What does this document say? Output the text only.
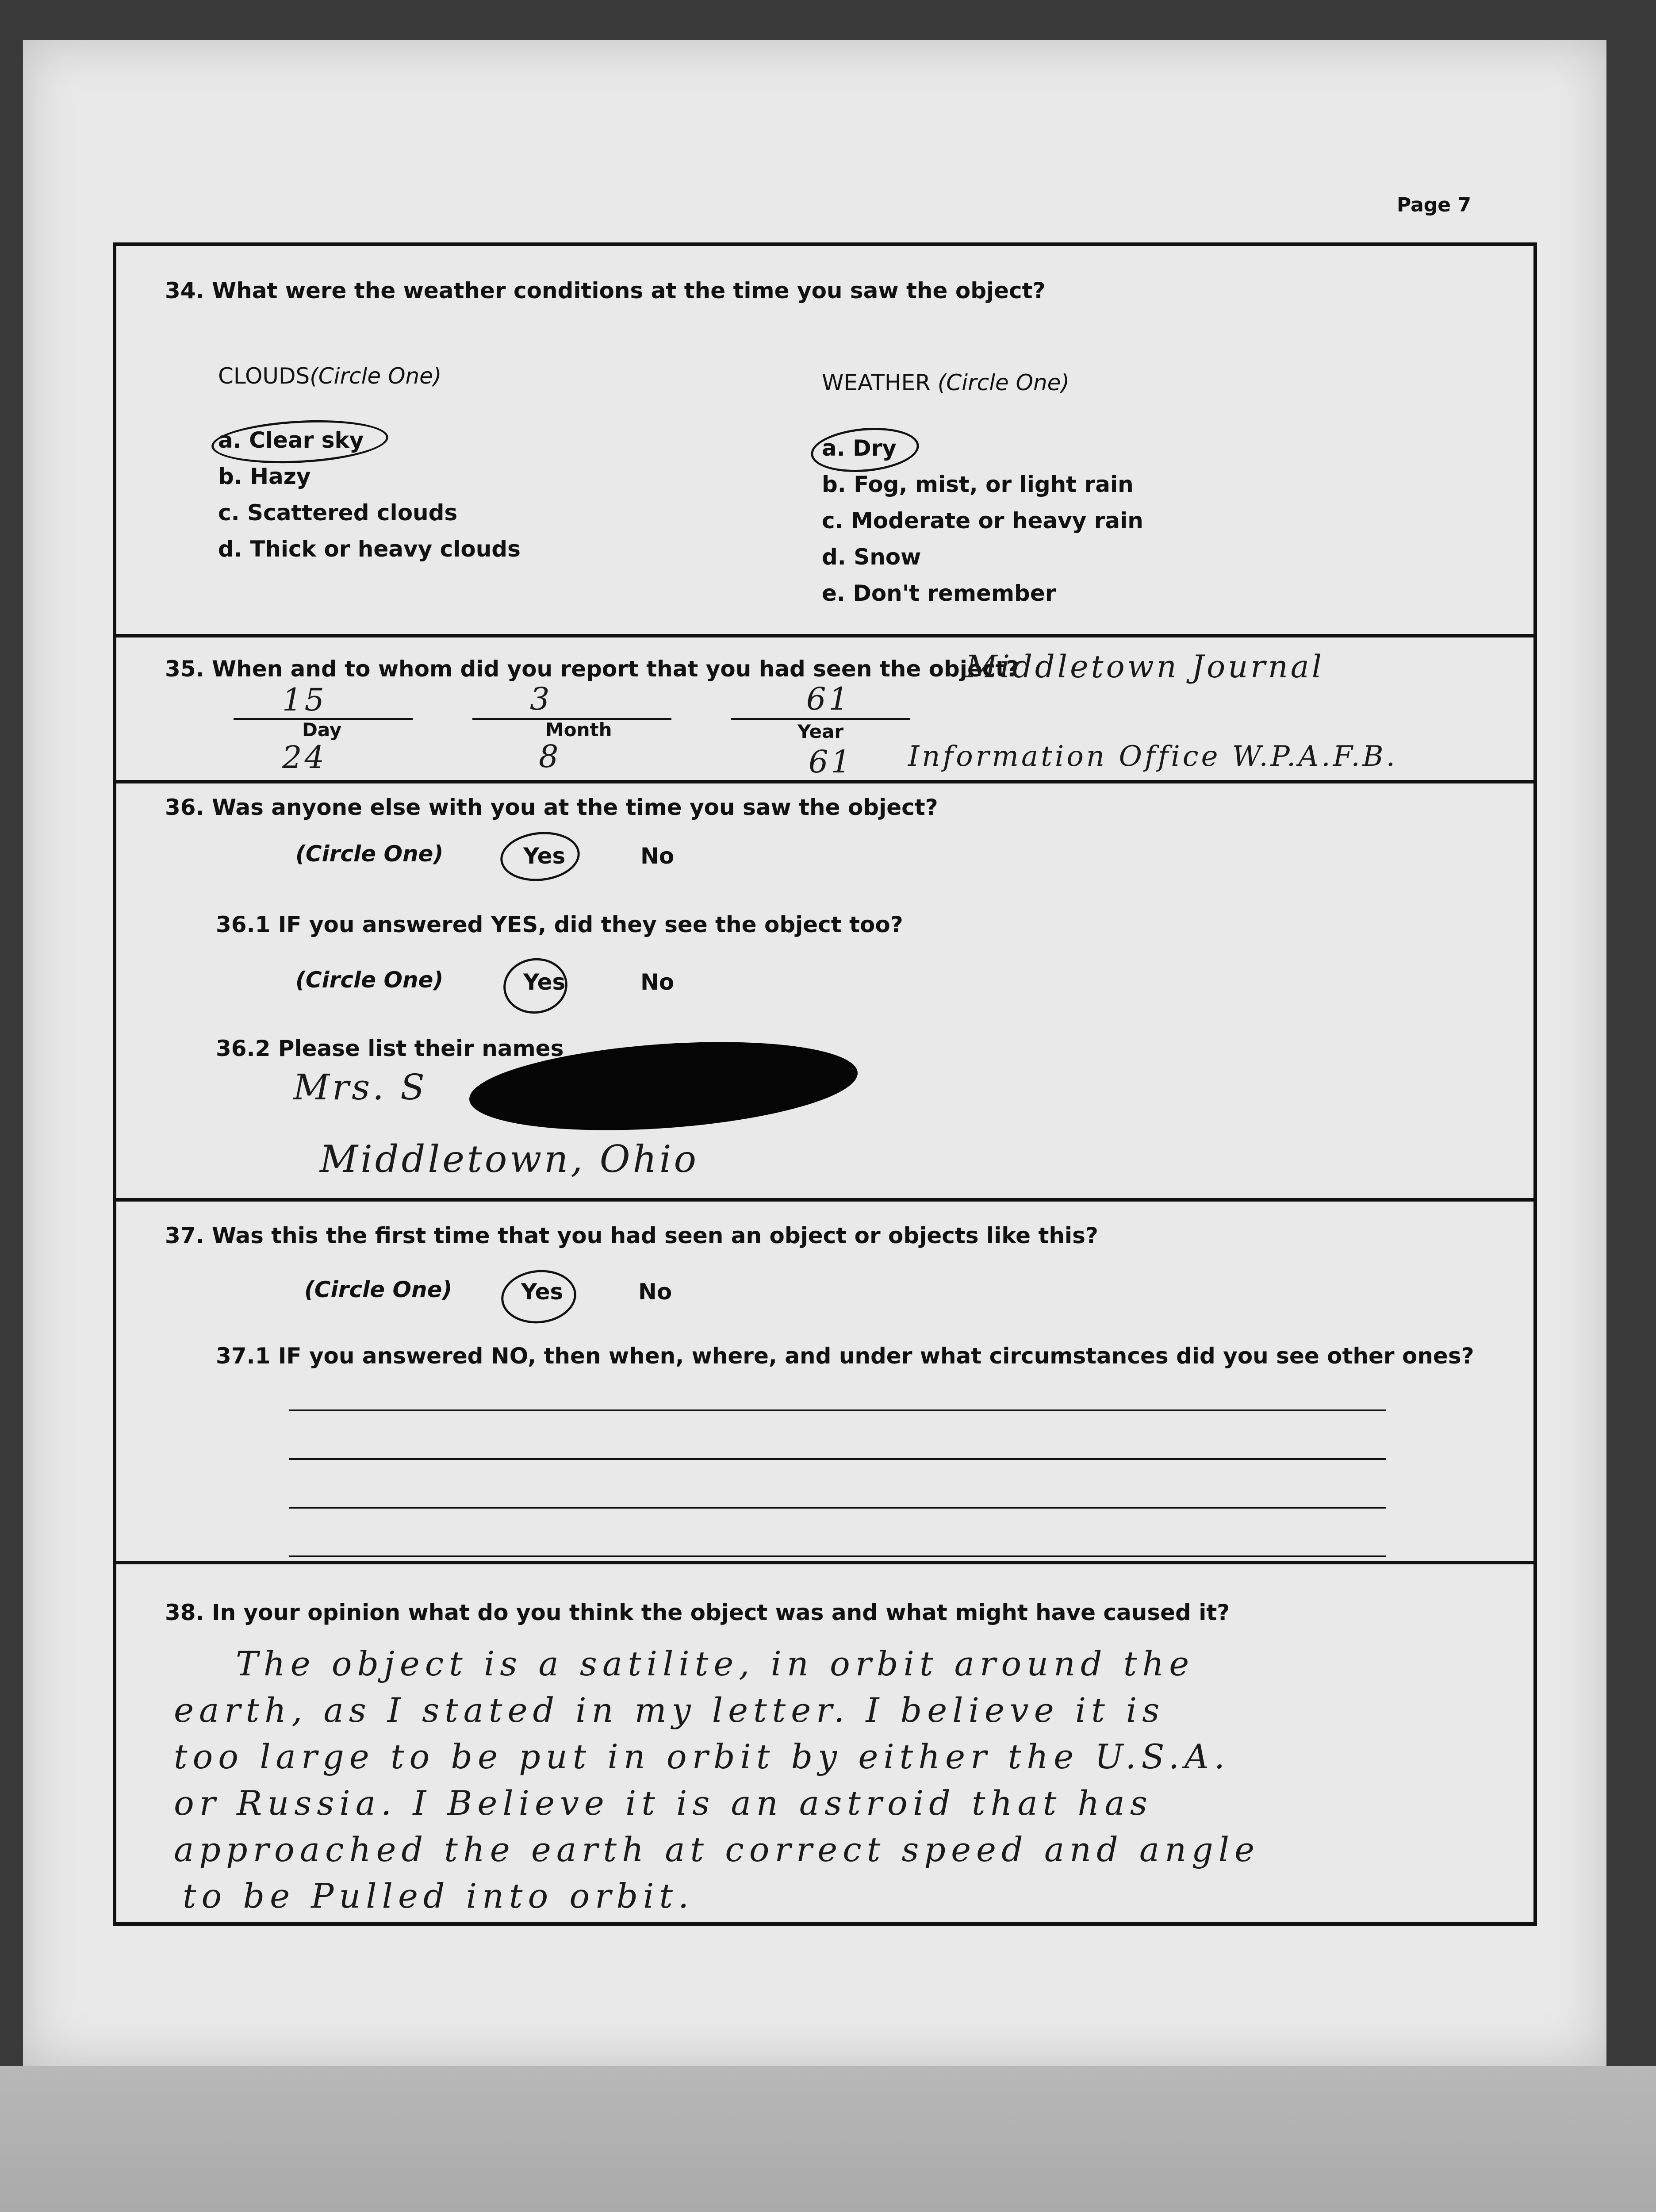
Page 7
34. What were the weather conditions at the time you saw the object?
CLOUDS(Circle One)
a. Clear sky
b. Hazy
c. Scattered clouds
d. Thick or heavy clouds
WEATHER (Circle One)
a. Dry
b. Fog, mist, or light rain
c. Moderate or heavy rain
d. Snow
e. Don't remember
35. When and to whom did you report that you had seen the object?
Middletown Journal
15	3	61
Day	Month	Year
24	8	61 Information Office W.P.A.F.B.
36. Was anyone else with you at the time you saw the object?
(Circle One)	Yes	No
36.1 IF you answered YES, did they see the object too?
(Circle One)	Yes	No
36.2 Please list their names
Mrs. S
Middletown, Ohio
37. Was this the first time that you had seen an object or objects like this?
(Circle One)	Yes	No
37.1 IF you answered NO, then when, where, and under what circumstances did you see other ones?
38. In your opinion what do you think the object was and what might have caused it?
The object is a satilite, in orbit around the
earth, as I stated in my letter. I believe it is
too large to be put in orbit by either the U.S.A.
or Russia. I Believe it is an astroid that has
approached the earth at correct speed and angle
to be Pulled into orbit.
